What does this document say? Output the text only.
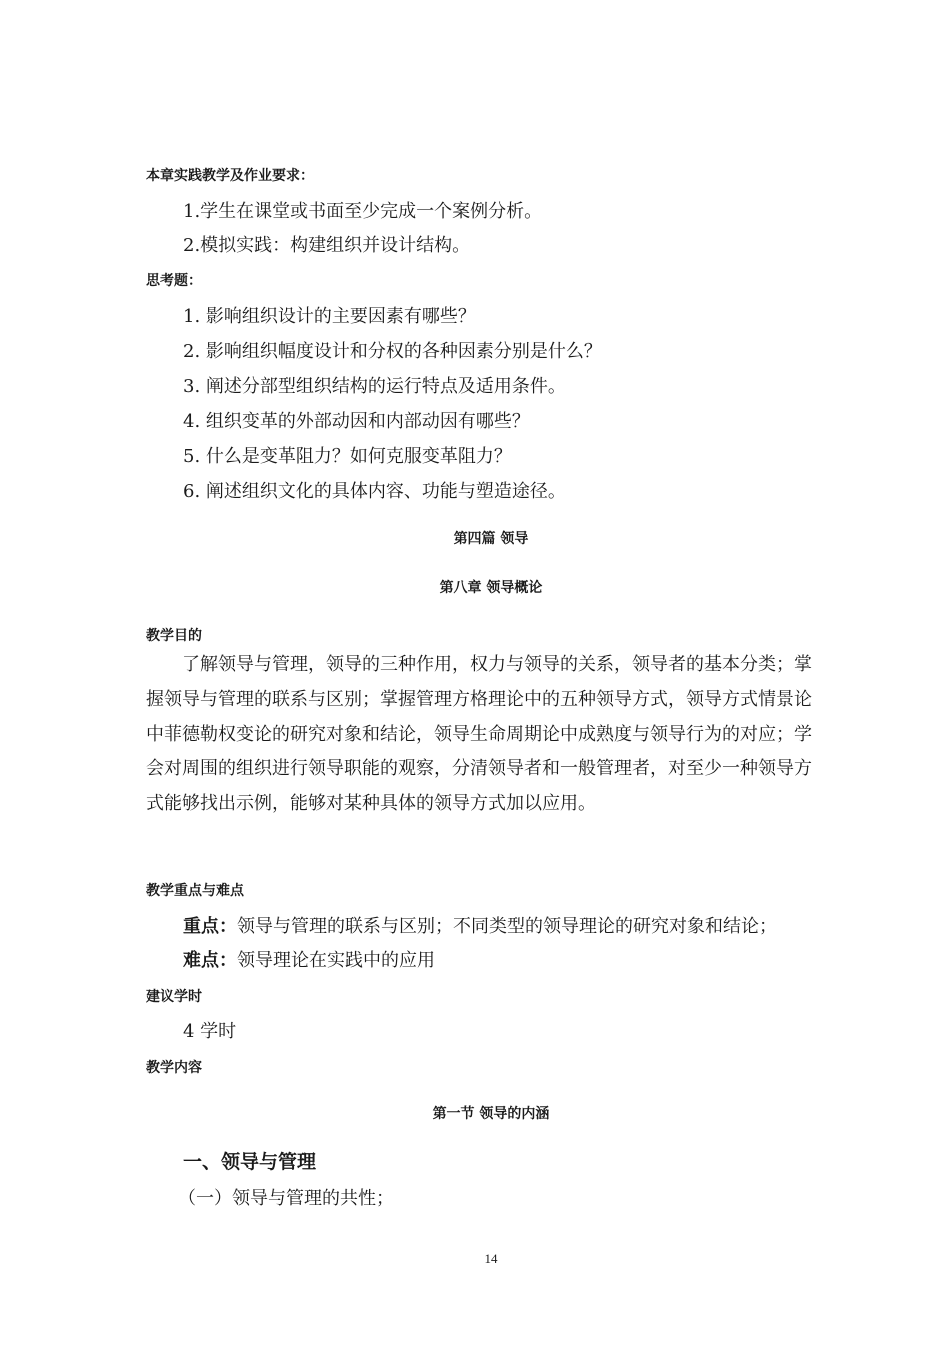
本章实践教学及作业要求：
1.学生在课堂或书面至少完成一个案例分析。
2.模拟实践：构建组织并设计结构。
思考题：
1. 影响组织设计的主要因素有哪些？
2. 影响组织幅度设计和分权的各种因素分别是什么？
3. 阐述分部型组织结构的运行特点及适用条件。
4. 组织变革的外部动因和内部动因有哪些？
5. 什么是变革阻力？如何克服变革阻力？
6. 阐述组织文化的具体内容、功能与塑造途径。
第四篇 领导
第八章 领导概论
教学目的
了解领导与管理，领导的三种作用，权力与领导的关系，领导者的基本分类；掌握领导与管理的联系与区别；掌握管理方格理论中的五种领导方式，领导方式情景论中菲德勒权变论的研究对象和结论，领导生命周期论中成熟度与领导行为的对应；学会对周围的组织进行领导职能的观察，分清领导者和一般管理者，对至少一种领导方式能够找出示例，能够对某种具体的领导方式加以应用。
教学重点与难点
重点：领导与管理的联系与区别；不同类型的领导理论的研究对象和结论；
难点：领导理论在实践中的应用
建议学时
4 学时
教学内容
第一节 领导的内涵
一、领导与管理
（一）领导与管理的共性；
14
